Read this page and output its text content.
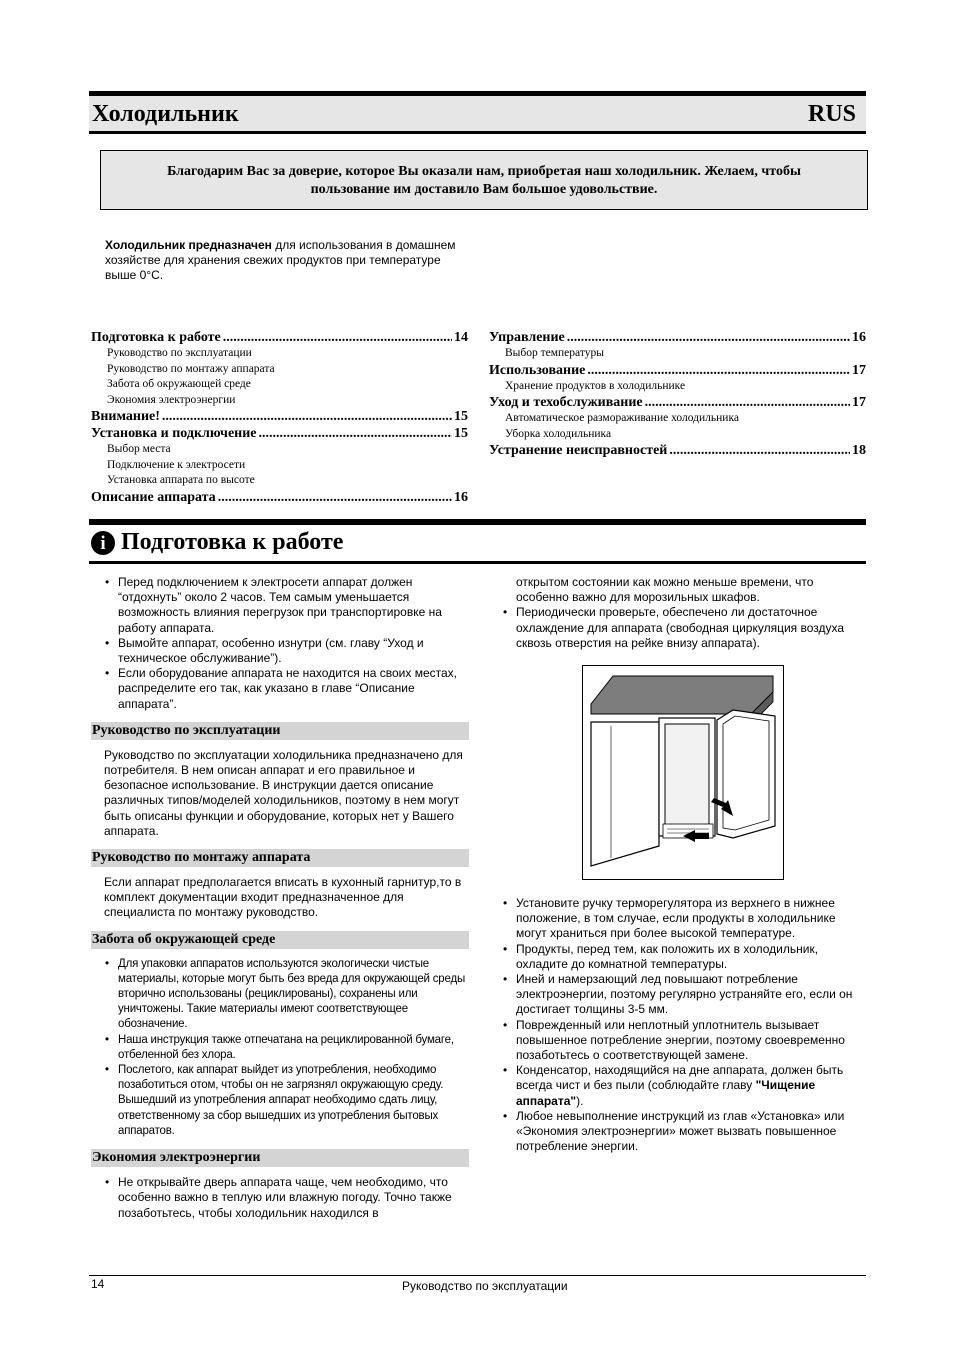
Холодильник	RUS
Благодарим Вас за доверие, которое Вы оказали нам, приобретая наш холодильник. Желаем, чтобы
пользование им доставило Вам большое удовольствие.
Холодильник предназначен для использования в домашнем хозяйстве для хранения свежих продуктов при температуре выше 0°C.
Подготовка к работе .....	14
Руководство по эксплуатации
Руководство по монтажу аппарата
Забота об окружающей среде
Экономия электроэнергии
Внимание! .....	15
Установка и подключение .....	15
Выбор места
Подключение к электросети
Установка аппарата по высоте
Описание аппарата .....	16
Управление .....	16
Выбор температуры
Использование .....	17
Хранение продуктов в холодильнике
Уход и техобслуживание .....	17
Автоматическое размораживание холодильника
Уборка холодильника
Устранение неисправностей .....	18
i Подготовка к работе
• Перед подключением к электросети аппарат должен “отдохнуть” около 2 часов. Тем самым уменьшается возможность влияния перегрузок при транспортировке на работу аппарата.
• Вымойте аппарат, особенно изнутри (см. главу “Уход и техническое обслуживание”).
• Если оборудование аппарата не находится на своих местах, распределите его так, как указано в главе “Описание аппарата”.
Руководство по эксплуатации
Руководство по эксплуатации холодильника предназначено для потребителя. В нем описан аппарат и его правильное и безопасное использование. В инструкции дается описание различных типов/моделей холодильников, поэтому в нем могут быть описаны функции и оборудование, которых нет у Вашего аппарата.
Руководство по монтажу аппарата
Если аппарат предполагается вписать в кухонный гарнитур,то в комплект документации входит предназначенное для специалиста по монтажу руководство.
Забота об окружающей среде
• Для упаковки аппаратов используются экологически чистые материалы, которые могут быть без вреда для окружающей среды вторично использованы (рециклированы), сохранены или уничтожены. Такие материалы имеют соответствующее обозначение.
• Наша инструкция также отпечатана на рециклированной бумаге, отбеленной без хлора.
• Послетого, как аппарат выйдет из употребления, необходимо позаботиться отом, чтобы он не загрязнял окружающую среду. Вышедший из употребления аппарат необходимо сдать лицу, ответственному за сбор вышедших из употребления бытовых аппаратов.
Экономия электроэнергии
• Не открывайте дверь аппарата чаще, чем необходимо, что особенно важно в теплую или влажную погоду. Точно также позаботьтесь, чтобы холодильник находился в
открытом состоянии как можно меньше времени, что особенно важно для морозильных шкафов.
• Периодически проверьте, обеспечено ли достаточное охлаждение для аппарата (свободная циркуляция воздуха сквозь отверстия на рейке внизу аппарата).
• Установите ручку терморегулятора из верхнего в нижнее положение, в том случае, если продукты в холодильнике могут храниться при более высокой температуре.
• Продукты, перед тем, как положить их в холодильник, охладите до комнатной температуры.
• Иней и намерзающий лед повышают потребление электроэнергии, поэтому регулярно устраняйте его, если он достигает толщины 3-5 мм.
• Поврежденный или неплотный уплотнитель вызывает повышенное потребление энергии, поэтому своевременно позаботьтесь о соответствующей замене.
• Конденсатор, находящийся на дне аппарата, должен быть всегда чист и без пыли (соблюдайте главу "Чищение аппарата").
• Любое невыполнение инструкций из глав «Установка» или «Экономия электроэнергии» может вызвать повышенное потребление энергии.
14	Руководство по эксплуатации
